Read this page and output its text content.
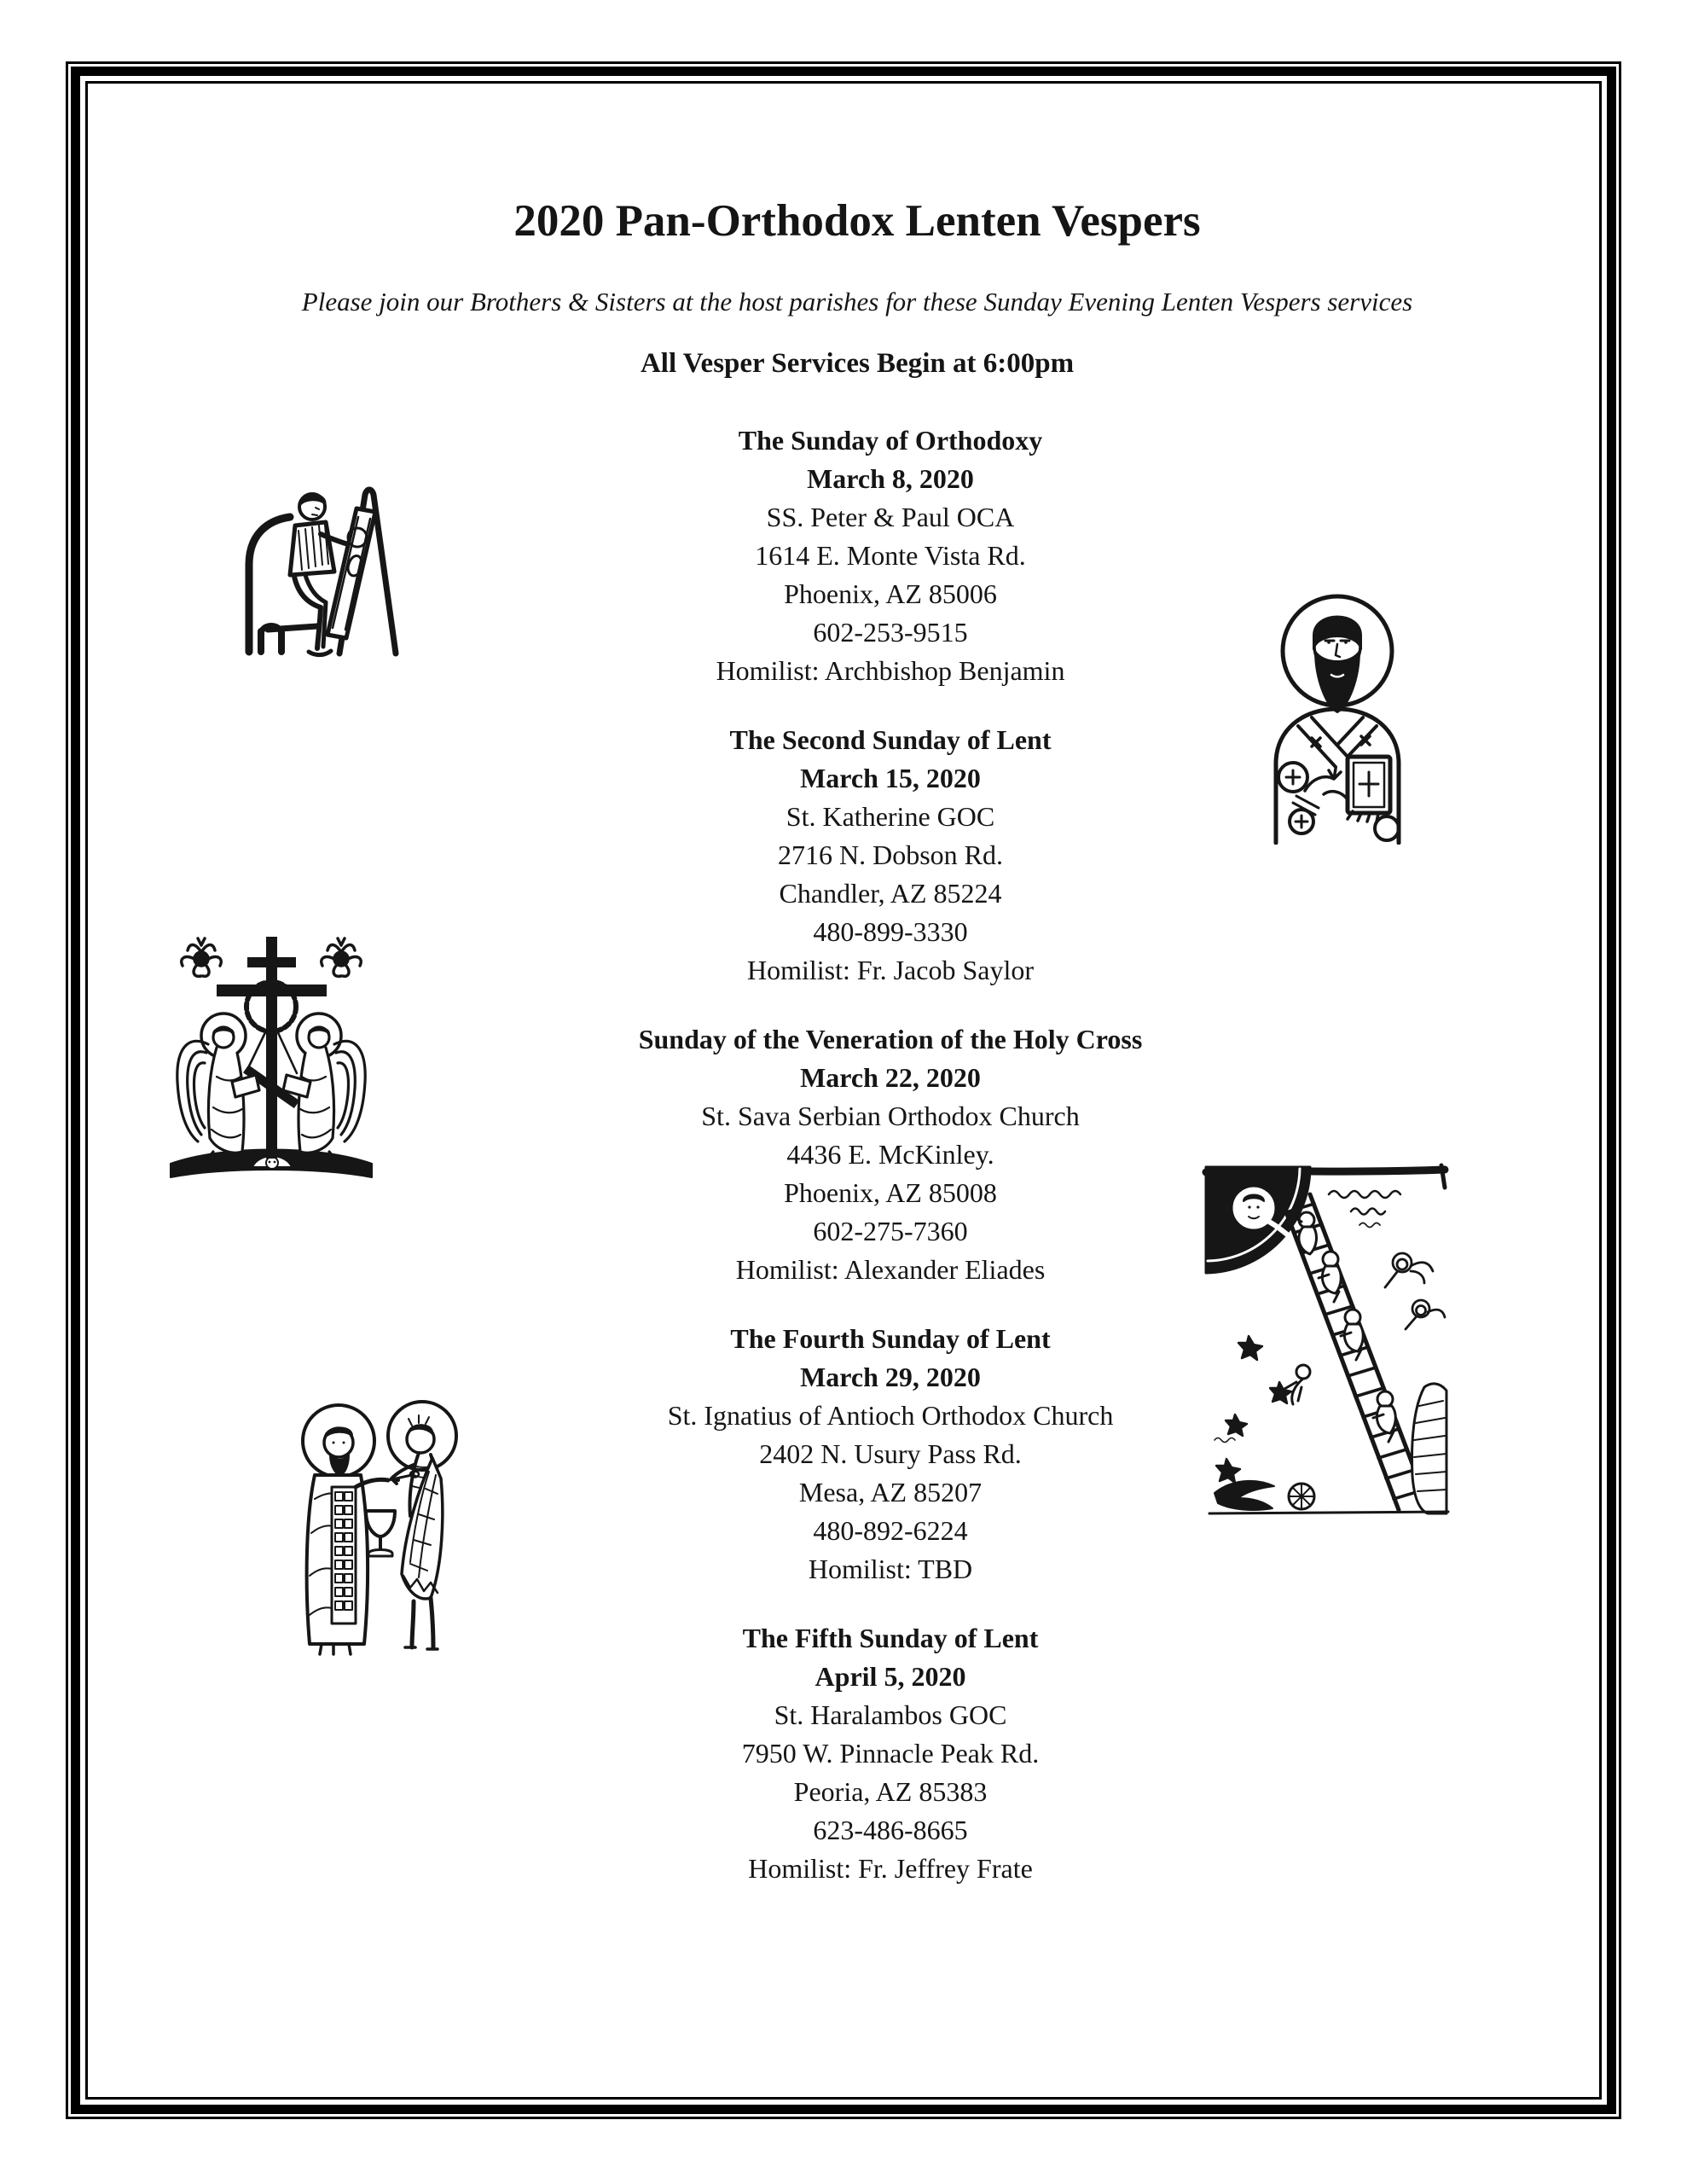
2020 Pan-Orthodox Lenten Vespers

Please join our Brothers & Sisters at the host parishes for these Sunday Evening Lenten Vespers services

All Vesper Services Begin at 6:00pm

The Sunday of Orthodoxy
March 8, 2020
SS. Peter & Paul OCA
1614 E. Monte Vista Rd.
Phoenix, AZ 85006
602-253-9515
Homilist: Archbishop Benjamin
The Second Sunday of Lent
March 15, 2020
St. Katherine GOC
2716 N. Dobson Rd.
Chandler, AZ 85224
480-899-3330
Homilist: Fr. Jacob Saylor
Sunday of the Veneration of the Holy Cross
March 22, 2020
St. Sava Serbian Orthodox Church
4436 E. McKinley.
Phoenix, AZ 85008
602-275-7360
Homilist: Alexander Eliades
The Fourth Sunday of Lent
March 29, 2020
St. Ignatius of Antioch Orthodox Church
2402 N. Usury Pass Rd.
Mesa, AZ 85207
480-892-6224
Homilist: TBD
The Fifth Sunday of Lent
April 5, 2020
St. Haralambos GOC
7950 W. Pinnacle Peak Rd.
Peoria, AZ 85383
623-486-8665
Homilist: Fr. Jeffrey Frate
